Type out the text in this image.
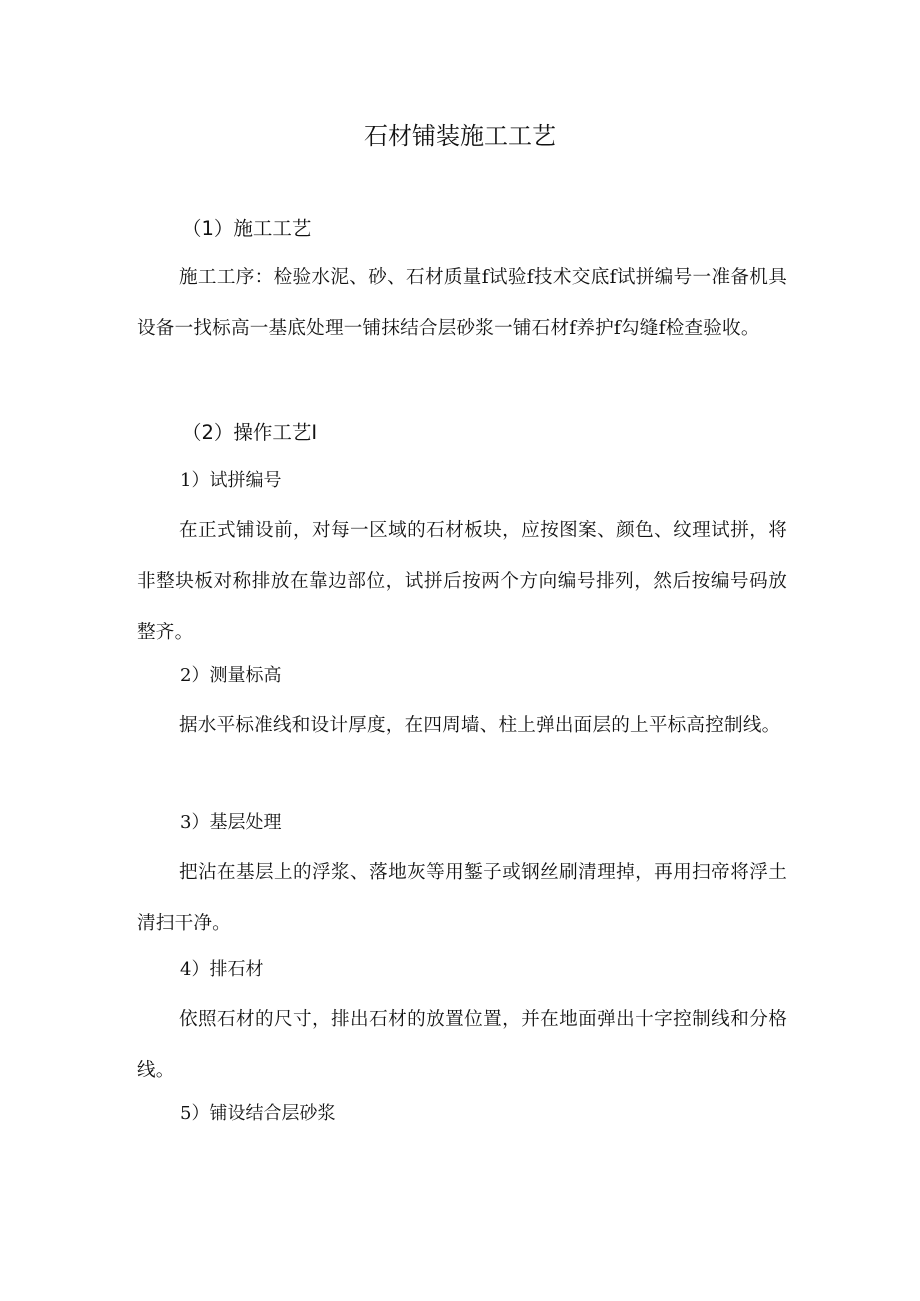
石材铺装施工工艺
（1）施工工艺
施工工序：检验水泥、砂、石材质量f试验f技术交底f试拼编号一准备机具设备一找标高一基底处理一铺抹结合层砂浆一铺石材f养护f勾缝f检查验收。
（2）操作工艺I
1）试拼编号
在正式铺设前，对每一区域的石材板块，应按图案、颜色、纹理试拼，将非整块板对称排放在靠边部位，试拼后按两个方向编号排列，然后按编号码放整齐。
2）测量标高
据水平标准线和设计厚度，在四周墙、柱上弹出面层的上平标高控制线。
3）基层处理
把沾在基层上的浮浆、落地灰等用錾子或钢丝刷清理掉，再用扫帝将浮土清扫干净。
4）排石材
依照石材的尺寸，排出石材的放置位置，并在地面弹出十字控制线和分格线。
5）铺设结合层砂浆
